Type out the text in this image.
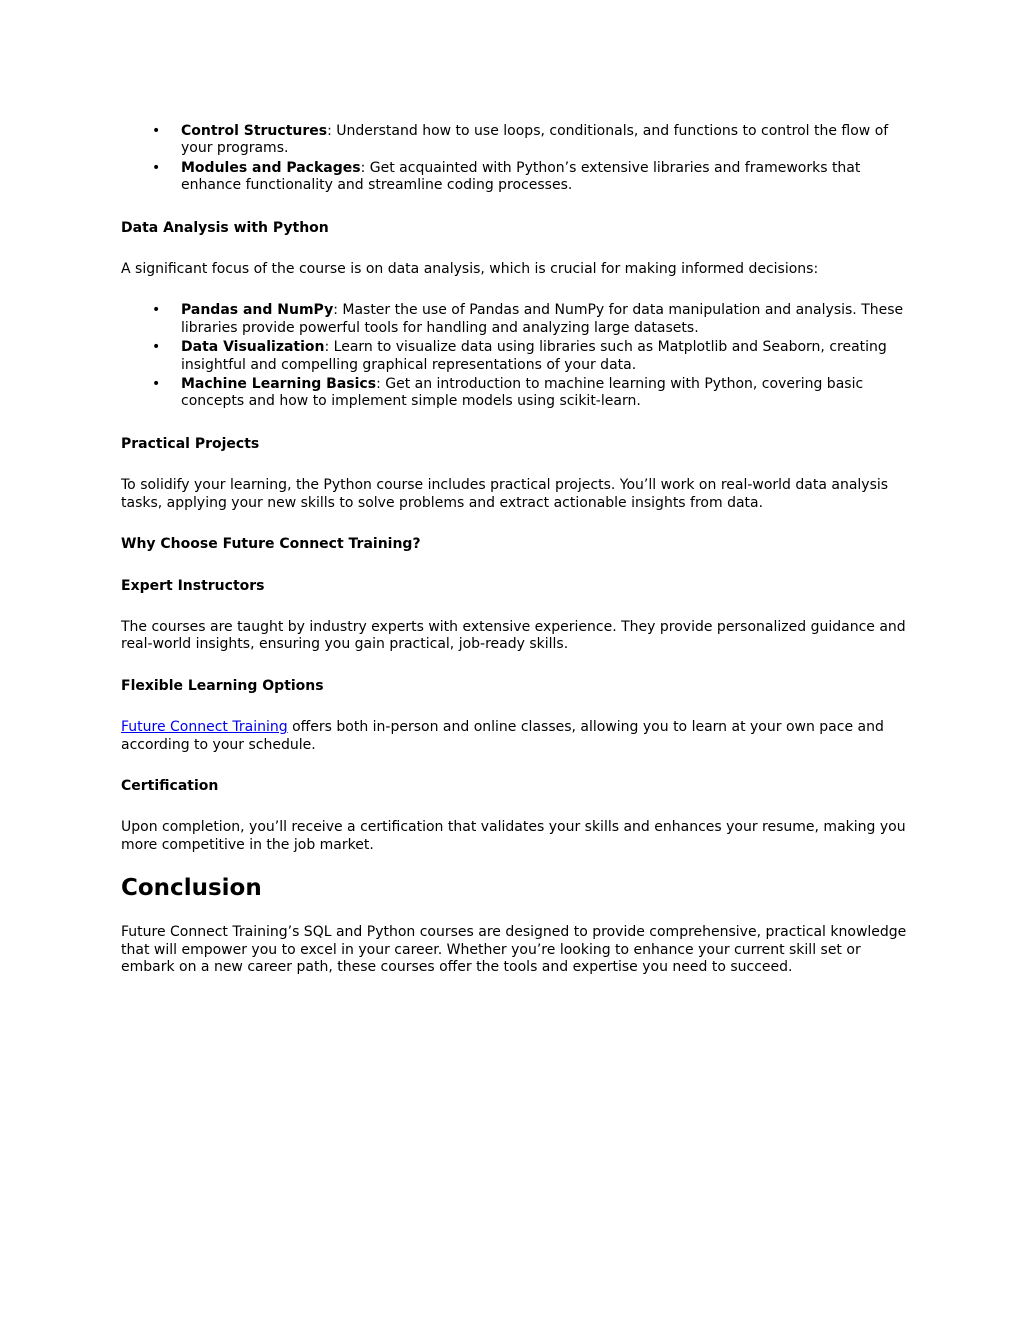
• Control Structures: Understand how to use loops, conditionals, and functions to control the flow of your programs.
• Modules and Packages: Get acquainted with Python’s extensive libraries and frameworks that enhance functionality and streamline coding processes.

Data Analysis with Python

A significant focus of the course is on data analysis, which is crucial for making informed decisions:

• Pandas and NumPy: Master the use of Pandas and NumPy for data manipulation and analysis. These libraries provide powerful tools for handling and analyzing large datasets.
• Data Visualization: Learn to visualize data using libraries such as Matplotlib and Seaborn, creating insightful and compelling graphical representations of your data.
• Machine Learning Basics: Get an introduction to machine learning with Python, covering basic concepts and how to implement simple models using scikit-learn.

Practical Projects

To solidify your learning, the Python course includes practical projects. You’ll work on real-world data analysis tasks, applying your new skills to solve problems and extract actionable insights from data.

Why Choose Future Connect Training?

Expert Instructors

The courses are taught by industry experts with extensive experience. They provide personalized guidance and real-world insights, ensuring you gain practical, job-ready skills.

Flexible Learning Options

Future Connect Training offers both in-person and online classes, allowing you to learn at your own pace and according to your schedule.

Certification

Upon completion, you’ll receive a certification that validates your skills and enhances your resume, making you more competitive in the job market.

Conclusion

Future Connect Training’s SQL and Python courses are designed to provide comprehensive, practical knowledge that will empower you to excel in your career. Whether you’re looking to enhance your current skill set or embark on a new career path, these courses offer the tools and expertise you need to succeed.
